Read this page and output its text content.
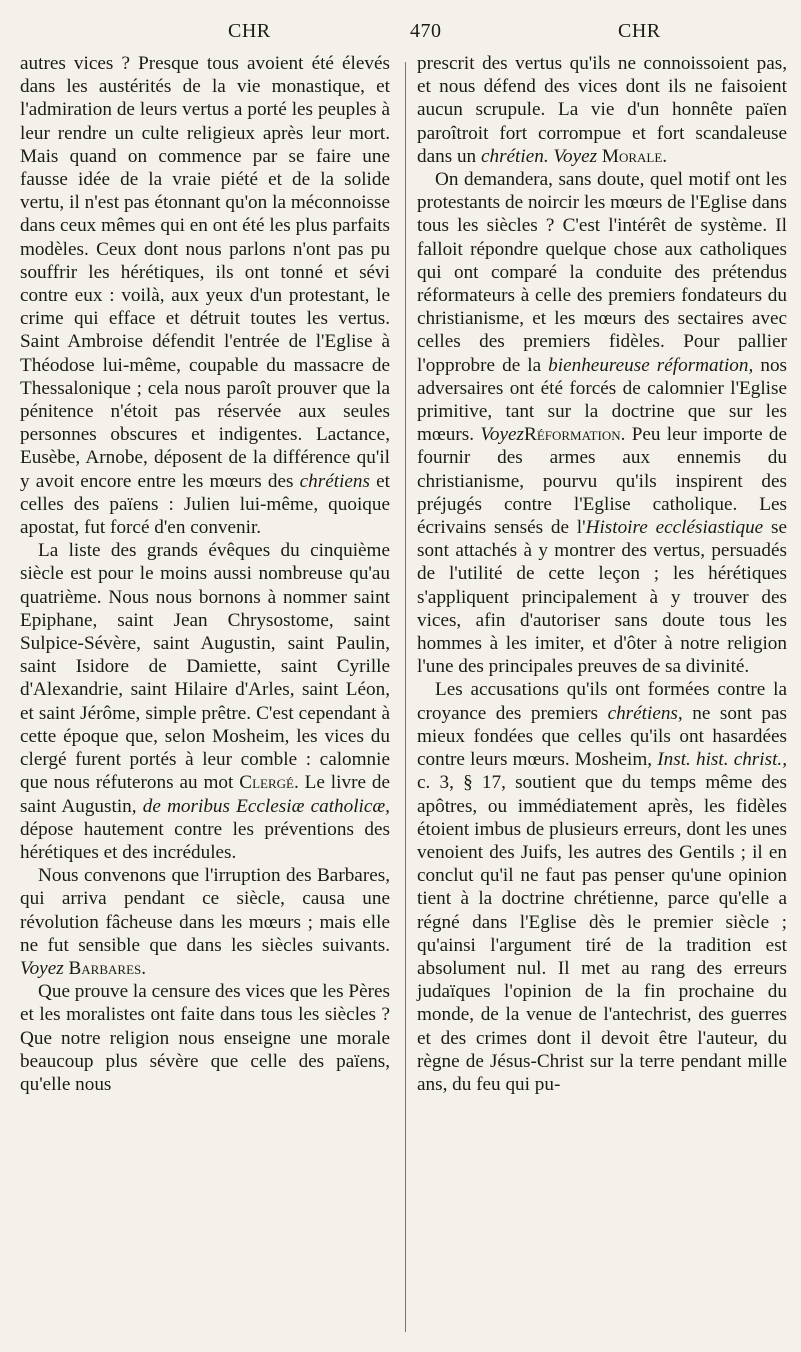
CHR	470	CHR

autres vices ? Presque tous avoient été élevés dans les austérités de la vie monastique, et l'admiration de leurs vertus a porté les peuples à leur rendre un culte religieux après leur mort. Mais quand on commence par se faire une fausse idée de la vraie piété et de la solide vertu, il n'est pas étonnant qu'on la méconnoisse dans ceux mêmes qui en ont été les plus parfaits modèles. Ceux dont nous parlons n'ont pas pu souffrir les hérétiques, ils ont tonné et sévi contre eux : voilà, aux yeux d'un protestant, le crime qui efface et détruit toutes les vertus. Saint Ambroise défendit l'entrée de l'Eglise à Théodose lui-même, coupable du massacre de Thessalonique ; cela nous paroît prouver que la pénitence n'étoit pas réservée aux seules personnes obscures et indigentes. Lactance, Eusèbe, Arnobe, déposent de la différence qu'il y avoit encore entre les mœurs des chrétiens et celles des païens : Julien lui-même, quoique apostat, fut forcé d'en convenir.

La liste des grands évêques du cinquième siècle est pour le moins aussi nombreuse qu'au quatrième. Nous nous bornons à nommer saint Epiphane, saint Jean Chrysostome, saint Sulpice-Sévère, saint Augustin, saint Paulin, saint Isidore de Damiette, saint Cyrille d'Alexandrie, saint Hilaire d'Arles, saint Léon, et saint Jérôme, simple prêtre. C'est cependant à cette époque que, selon Mosheim, les vices du clergé furent portés à leur comble : calomnie que nous réfuterons au mot Clergé. Le livre de saint Augustin, de moribus Ecclesiæ catholicæ, dépose hautement contre les préventions des hérétiques et des incrédules.

Nous convenons que l'irruption des Barbares, qui arriva pendant ce siècle, causa une révolution fâcheuse dans les mœurs ; mais elle ne fut sensible que dans les siècles suivants. Voyez Barbares.

Que prouve la censure des vices que les Pères et les moralistes ont faite dans tous les siècles ? Que notre religion nous enseigne une morale beaucoup plus sévère que celle des païens, qu'elle nous

prescrit des vertus qu'ils ne connoissoient pas, et nous défend des vices dont ils ne faisoient aucun scrupule. La vie d'un honnête païen paroîtroit fort corrompue et fort scandaleuse dans un chrétien. Voyez Morale.

On demandera, sans doute, quel motif ont les protestants de noircir les mœurs de l'Eglise dans tous les siècles ? C'est l'intérêt de système. Il falloit répondre quelque chose aux catholiques qui ont comparé la conduite des prétendus réformateurs à celle des premiers fondateurs du christianisme, et les mœurs des sectaires avec celles des premiers fidèles. Pour pallier l'opprobre de la bienheureuse réformation, nos adversaires ont été forcés de calomnier l'Eglise primitive, tant sur la doctrine que sur les mœurs. VoyezRéformation. Peu leur importe de fournir des armes aux ennemis du christianisme, pourvu qu'ils inspirent des préjugés contre l'Eglise catholique. Les écrivains sensés de l'Histoire ecclésiastique se sont attachés à y montrer des vertus, persuadés de l'utilité de cette leçon ; les hérétiques s'appliquent principalement à y trouver des vices, afin d'autoriser sans doute tous les hommes à les imiter, et d'ôter à notre religion l'une des principales preuves de sa divinité.

Les accusations qu'ils ont formées contre la croyance des premiers chrétiens, ne sont pas mieux fondées que celles qu'ils ont hasardées contre leurs mœurs. Mosheim, Inst. hist. christ., c. 3, § 17, soutient que du temps même des apôtres, ou immédiatement après, les fidèles étoient imbus de plusieurs erreurs, dont les unes venoient des Juifs, les autres des Gentils ; il en conclut qu'il ne faut pas penser qu'une opinion tient à la doctrine chrétienne, parce qu'elle a régné dans l'Eglise dès le premier siècle ; qu'ainsi l'argument tiré de la tradition est absolument nul. Il met au rang des erreurs judaïques l'opinion de la fin prochaine du monde, de la venue de l'antechrist, des guerres et des crimes dont il devoit être l'auteur, du règne de Jésus-Christ sur la terre pendant mille ans, du feu qui pu-
